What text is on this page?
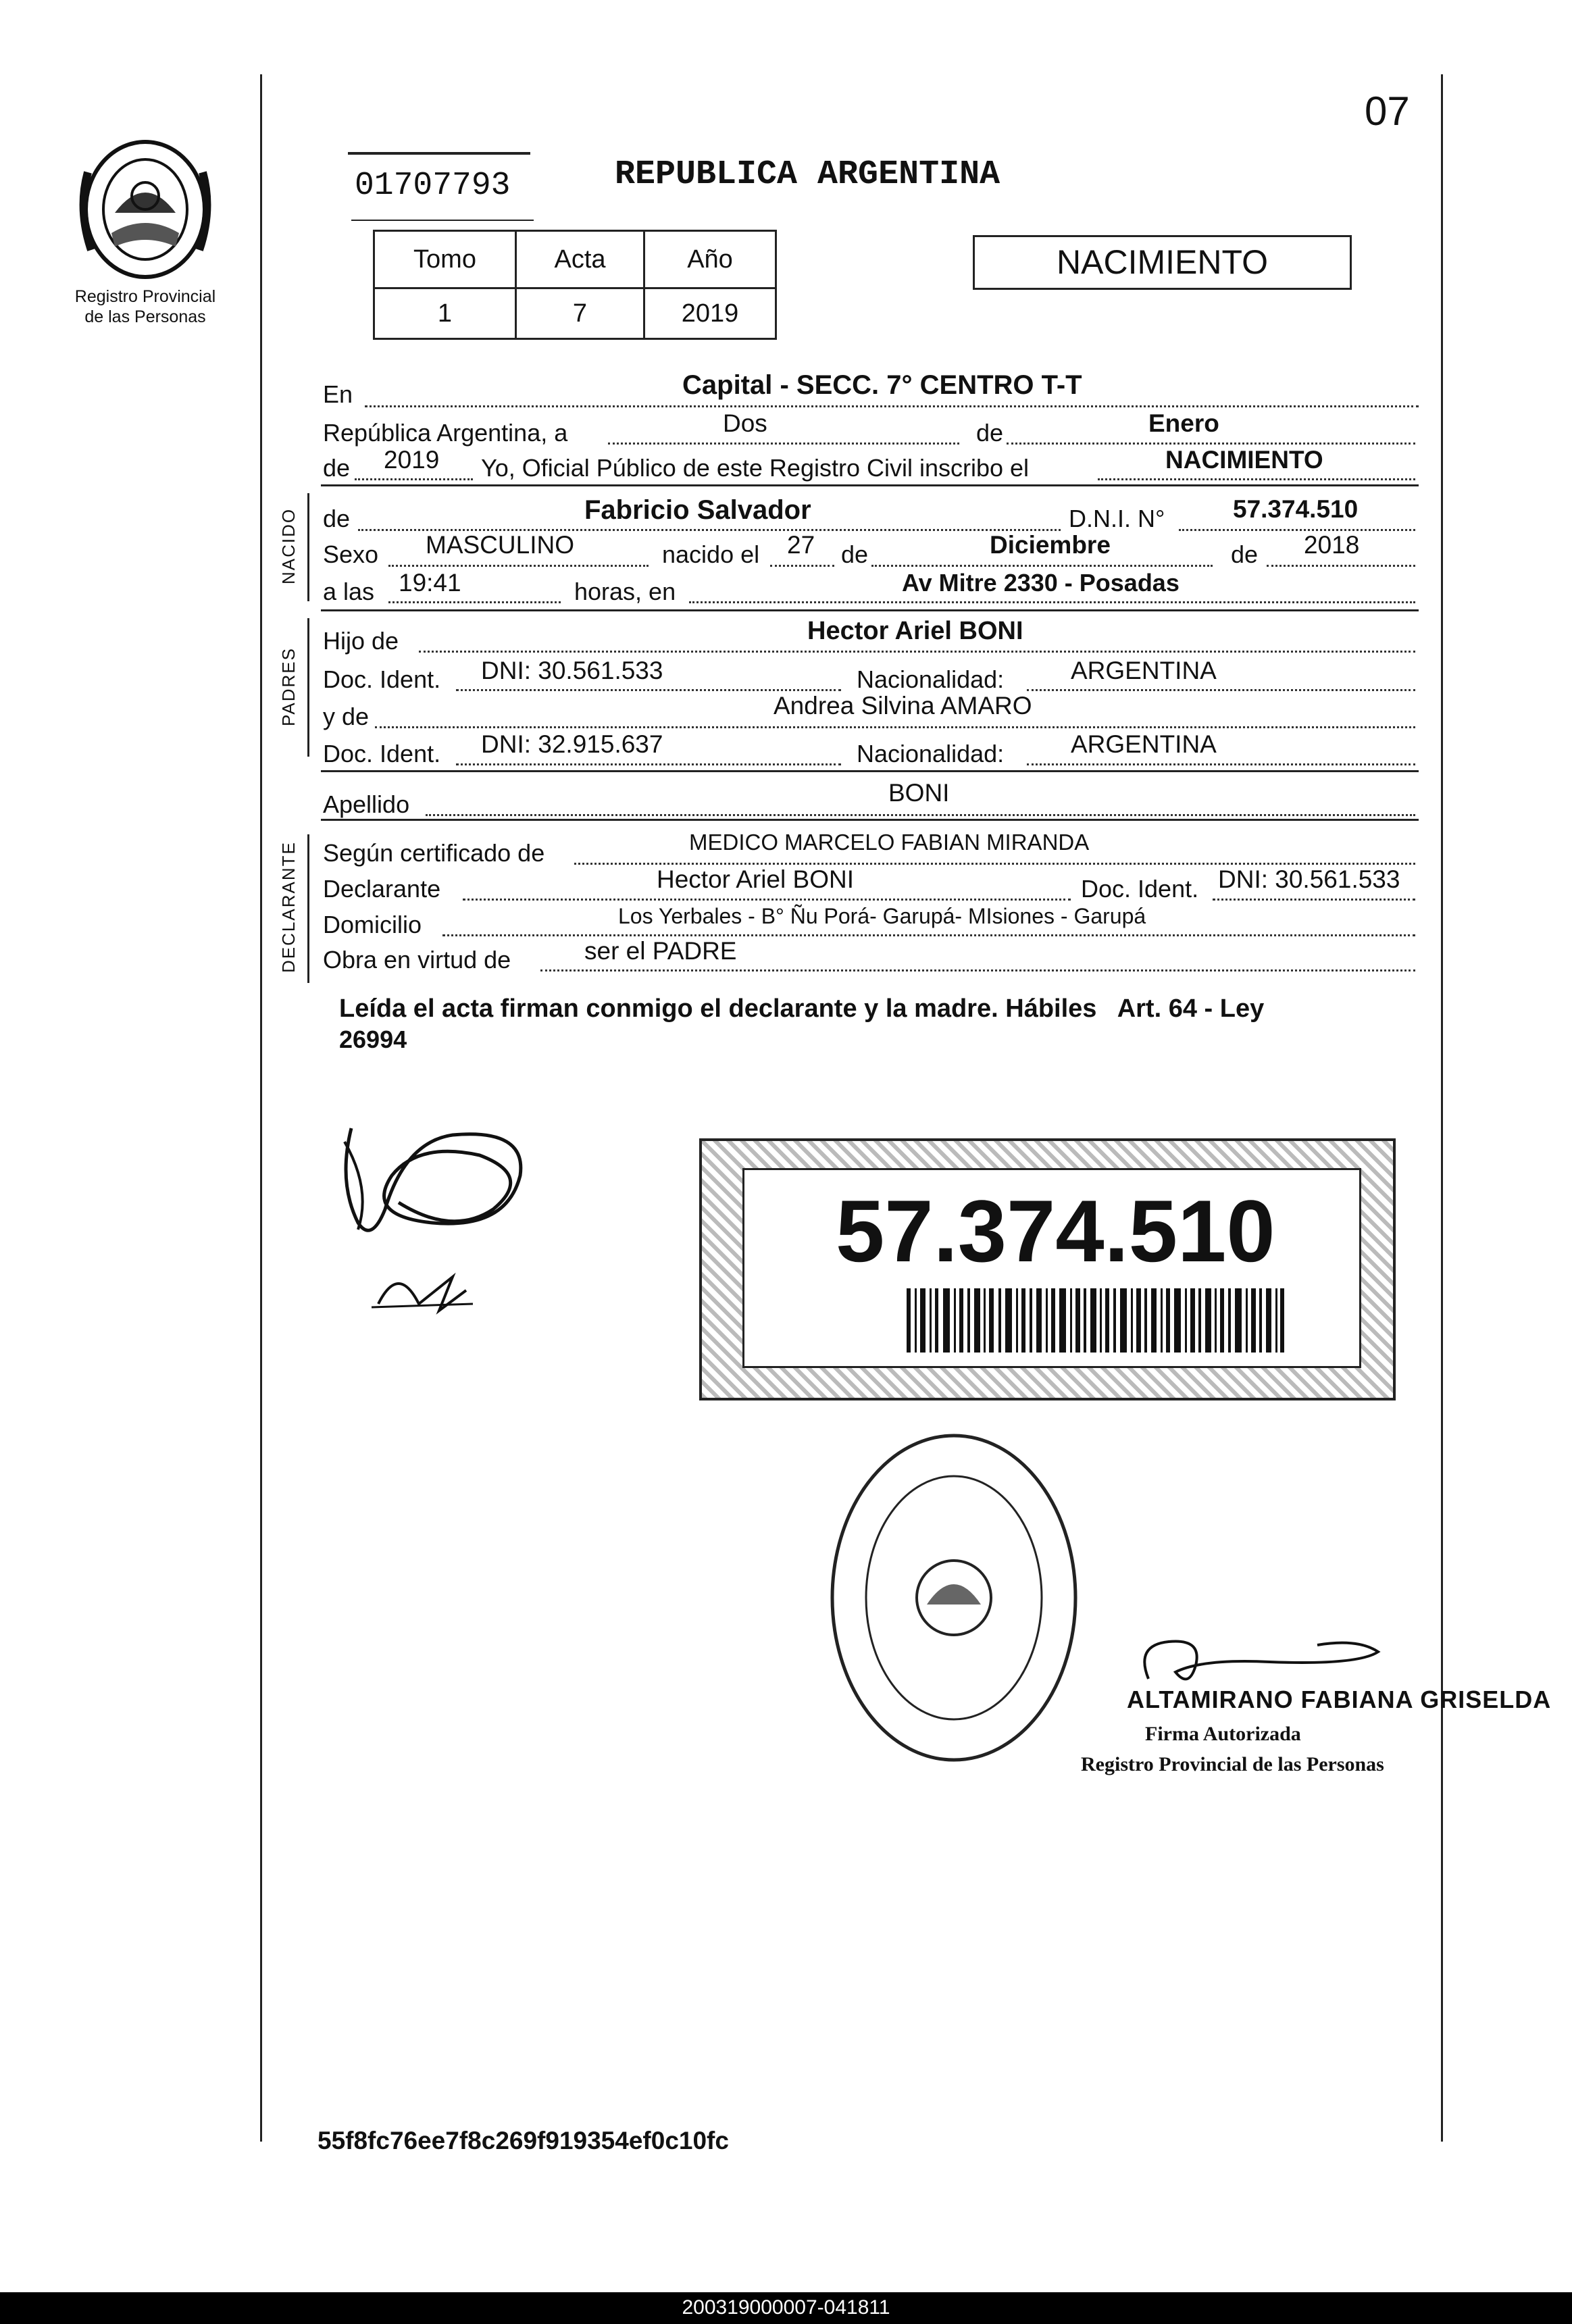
Registro Provincial
de las Personas
07
01707793	REPUBLICA ARGENTINA
Tomo	Acta	Año
1	7	2019
NACIMIENTO
En	Capital - SECC. 7° CENTRO T-T
República Argentina, a	Dos	de	Enero
de 2019 Yo, Oficial Público de este Registro Civil inscribo el	NACIMIENTO
NACIDO de	Fabricio Salvador	D.N.I. N°	57.374.510
Sexo MASCULINO	nacido el 27 de	Diciembre	de 2018
a las 19:41	horas, en	Av Mitre 2330 - Posadas
PADRES
Hijo de	Hector Ariel BONI
Doc. Ident. DNI: 30.561.533	Nacionalidad:	ARGENTINA
y de	Andrea Silvina AMARO
Doc. Ident. DNI: 32.915.637	Nacionalidad:	ARGENTINA
Apellido	BONI
DECLARANTE Según certificado de	MEDICO MARCELO FABIAN MIRANDA
Declarante	Hector Ariel BONI	Doc. Ident. DNI: 30.561.533
Domicilio	Los Yerbales - B° Ñu Porá- Garupá- MIsiones - Garupá
Obra en virtud de	ser el PADRE
Leída el acta firman conmigo el declarante y la madre. Hábiles   Art. 64 - Ley
26994
57.374.510
ALTAMIRANO FABIANA GRISELDA
Firma Autorizada
Registro Provincial de las Personas
55f8fc76ee7f8c269f919354ef0c10fc
200319000007-041811
